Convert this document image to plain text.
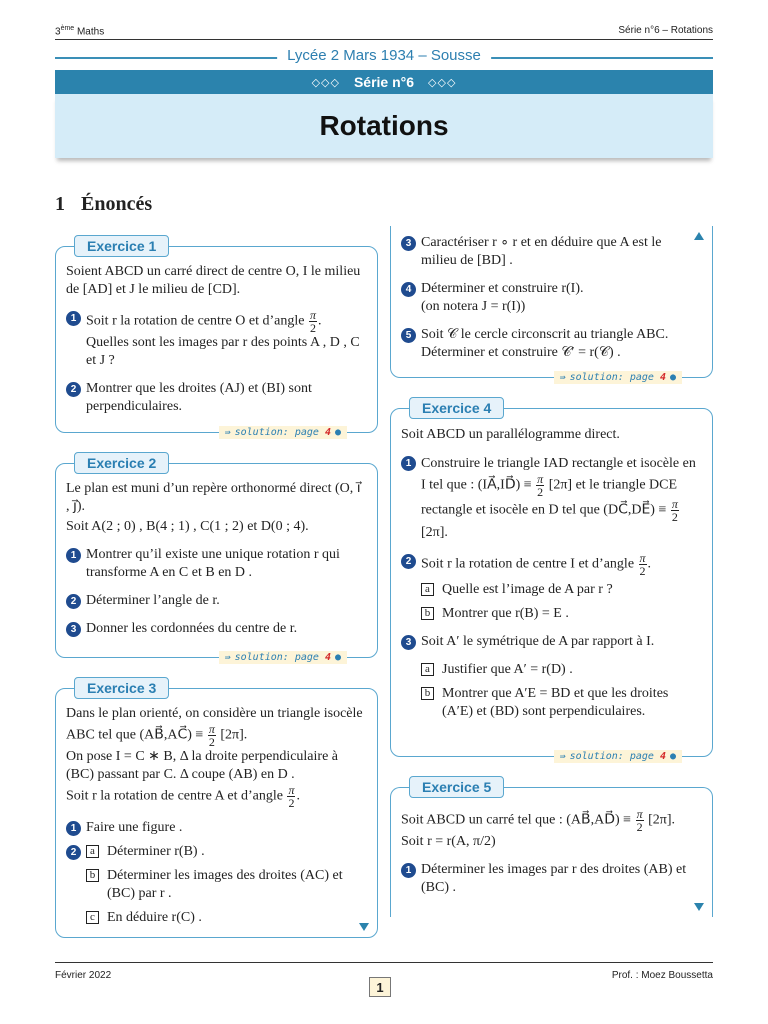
3ème Maths	Série n°6 – Rotations
Lycée 2 Mars 1934 – Sousse
◇◇◇ Série n°6 ◇◇◇
Rotations
1 Énoncés
Exercice 1
Soient ABCD un carré direct de centre O, I le milieu de [AD] et J le milieu de [CD].
1 Soit r la rotation de centre O et d’angle $\frac{\pi}{2}$ .
Quelles sont les images par r des points A , D , C et J ?
2 Montrer que les droites (AJ) et (BI) sont perpendiculaires.
⇛ solution: page 4 ●
Exercice 2
Le plan est muni d’un repère orthonormé direct (O, i⃗ , j⃗).
Soit A(2 ; 0) , B(4 ; 1) , C(1 ; 2) et D(0 ; 4).
1 Montrer qu’il existe une unique rotation r qui transforme A en C et B en D .
2 Déterminer l’angle de r.
3 Donner les cordonnées du centre de r.
⇛ solution: page 4 ●
Exercice 3
Dans le plan orienté, on considère un triangle isocèle ABC tel que (AB⃗,AC⃗) ≡ $\frac{\pi}{2} [2\pi]$.
On pose I = C ∗ B, Δ la droite perpendiculaire à (BC) passant par C. Δ coupe (AB) en D .
Soit r la rotation de centre A et d’angle $\frac{\pi}{2}$ .
1 Faire une figure .
2	a Déterminer r(B) .
b Déterminer les images des droites (AC) et (BC) par r .
c En déduire r(C) .
3 Caractériser r ∘ r et en déduire que A est le milieu de [BD] .
4 Déterminer et construire r(I).
(on notera J = r(I))
5 Soit 𝒞 le cercle circonscrit au triangle ABC.
Déterminer et construire 𝒞′ = r(𝒞) .
⇛ solution: page 4 ●
Exercice 4
Soit ABCD un parallélogramme direct.
1 Construire le triangle IAD rectangle et isocèle en I tel que : (IA⃗,ID⃗) ≡ $\frac{\pi}{2} [2\pi]$ et le triangle DCE rectangle et isocèle en D tel que (DC⃗,DE⃗) ≡ $\frac{\pi}{2}$
[2π].
2 Soit r la rotation de centre I et d’angle $\frac{\pi}{2}$ .
a Quelle est l’image de A par r ?
b Montrer que r(B) = E .
3 Soit A′ le symétrique de A par rapport à I.
a Justifier que A′ = r(D) .
b Montrer que A′E = BD et que les droites (A′E) et (BD) sont perpendiculaires.
⇛ solution: page 4 ●
Exercice 5
Soit ABCD un carré tel que : (AB⃗,AD⃗) ≡ $\frac{\pi}{2} [2\pi]$.
Soit r = r(A, π/2)
1 Déterminer les images par r des droites (AB) et (BC) .
Février 2022	Prof. : Moez Boussetta
1
